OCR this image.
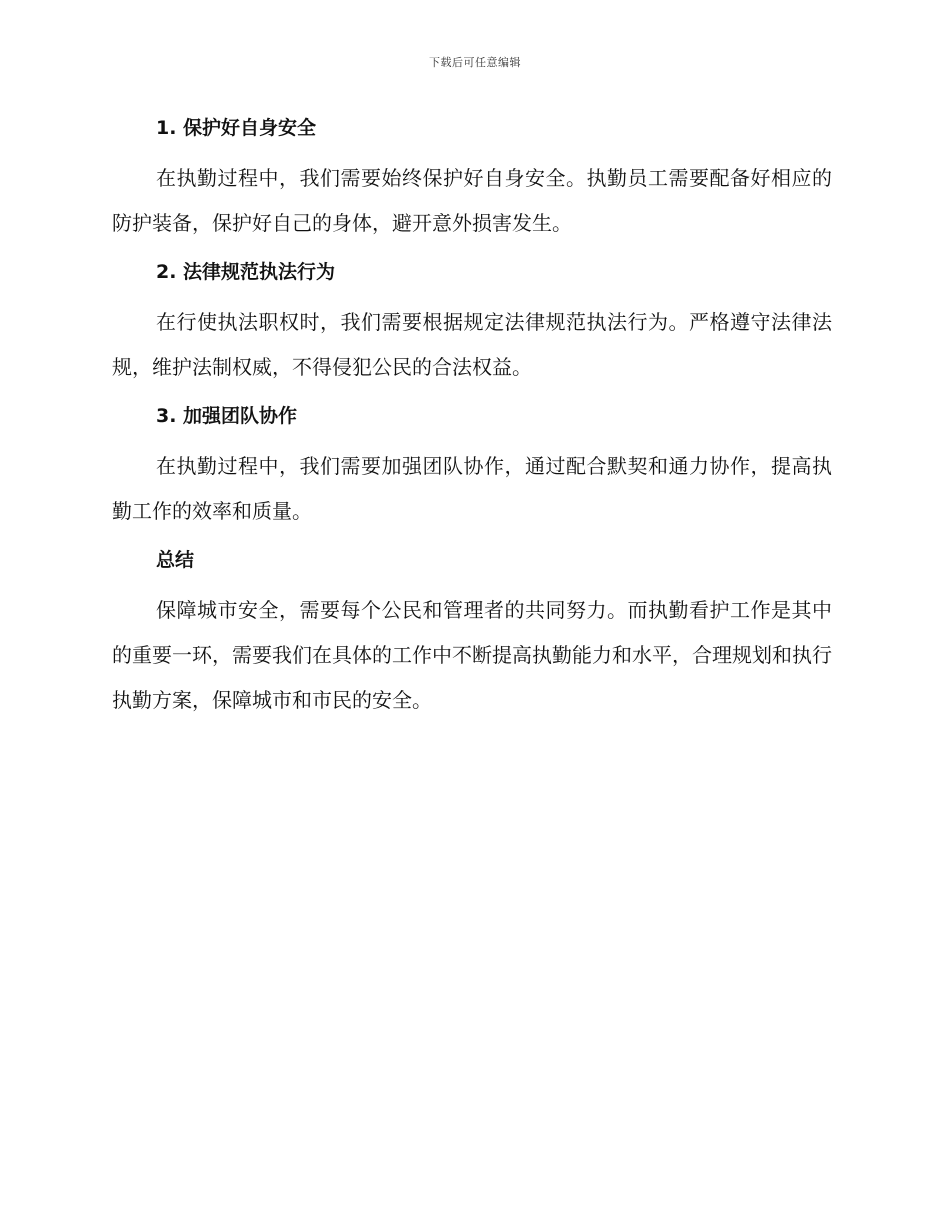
下载后可任意编辑
1. 保护好自身安全

在执勤过程中，我们需要始终保护好自身安全。执勤员工需要配备好相应的防护装备，保护好自己的身体，避开意外损害发生。

2. 法律规范执法行为

在行使执法职权时，我们需要根据规定法律规范执法行为。严格遵守法律法规，维护法制权威，不得侵犯公民的合法权益。

3. 加强团队协作

在执勤过程中，我们需要加强团队协作，通过配合默契和通力协作，提高执勤工作的效率和质量。

总结

保障城市安全，需要每个公民和管理者的共同努力。而执勤看护工作是其中的重要一环，需要我们在具体的工作中不断提高执勤能力和水平，合理规划和执行执勤方案，保障城市和市民的安全。
